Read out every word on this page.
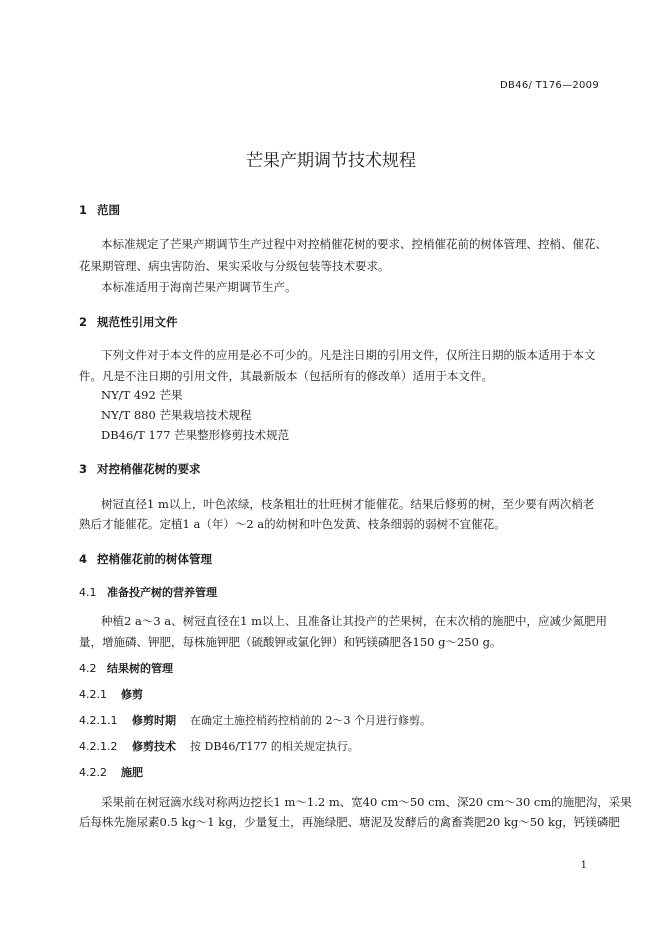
DB46/ T176—2009
芒果产期调节技术规程
1 范围
本标准规定了芒果产期调节生产过程中对控梢催花树的要求、控梢催花前的树体管理、控梢、催花、
花果期管理、病虫害防治、果实采收与分级包装等技术要求。
本标准适用于海南芒果产期调节生产。
2 规范性引用文件
下列文件对于本文件的应用是必不可少的。凡是注日期的引用文件，仅所注日期的版本适用于本文
件。凡是不注日期的引用文件，其最新版本（包括所有的修改单）适用于本文件。
NY/T 492 芒果
NY/T 880 芒果栽培技术规程
DB46/T 177 芒果整形修剪技术规范
3 对控梢催花树的要求
树冠直径1 m以上，叶色浓绿，枝条粗壮的壮旺树才能催花。结果后修剪的树，至少要有两次梢老
熟后才能催花。定植1 a（年）～2 a的幼树和叶色发黄、枝条细弱的弱树不宜催花。
4 控梢催花前的树体管理
4.1 准备投产树的营养管理
种植2 a～3 a、树冠直径在1 m以上、且准备让其投产的芒果树，在末次梢的施肥中，应减少氮肥用
量，增施磷、钾肥，每株施钾肥（硫酸钾或氯化钾）和钙镁磷肥各150 g～250 g。
4.2 结果树的管理
4.2.1 修剪
4.2.1.1 修剪时期 在确定土施控梢药控梢前的 2～3 个月进行修剪。
4.2.1.2 修剪技术 按 DB46/T177 的相关规定执行。
4.2.2 施肥
采果前在树冠滴水线对称两边挖长1 m～1.2 m、宽40 cm～50 cm、深20 cm～30 cm的施肥沟，采果
后每株先施尿素0.5 kg～1 kg，少量复土，再施绿肥、塘泥及发酵后的禽畜粪肥20 kg～50 kg，钙镁磷肥
1
